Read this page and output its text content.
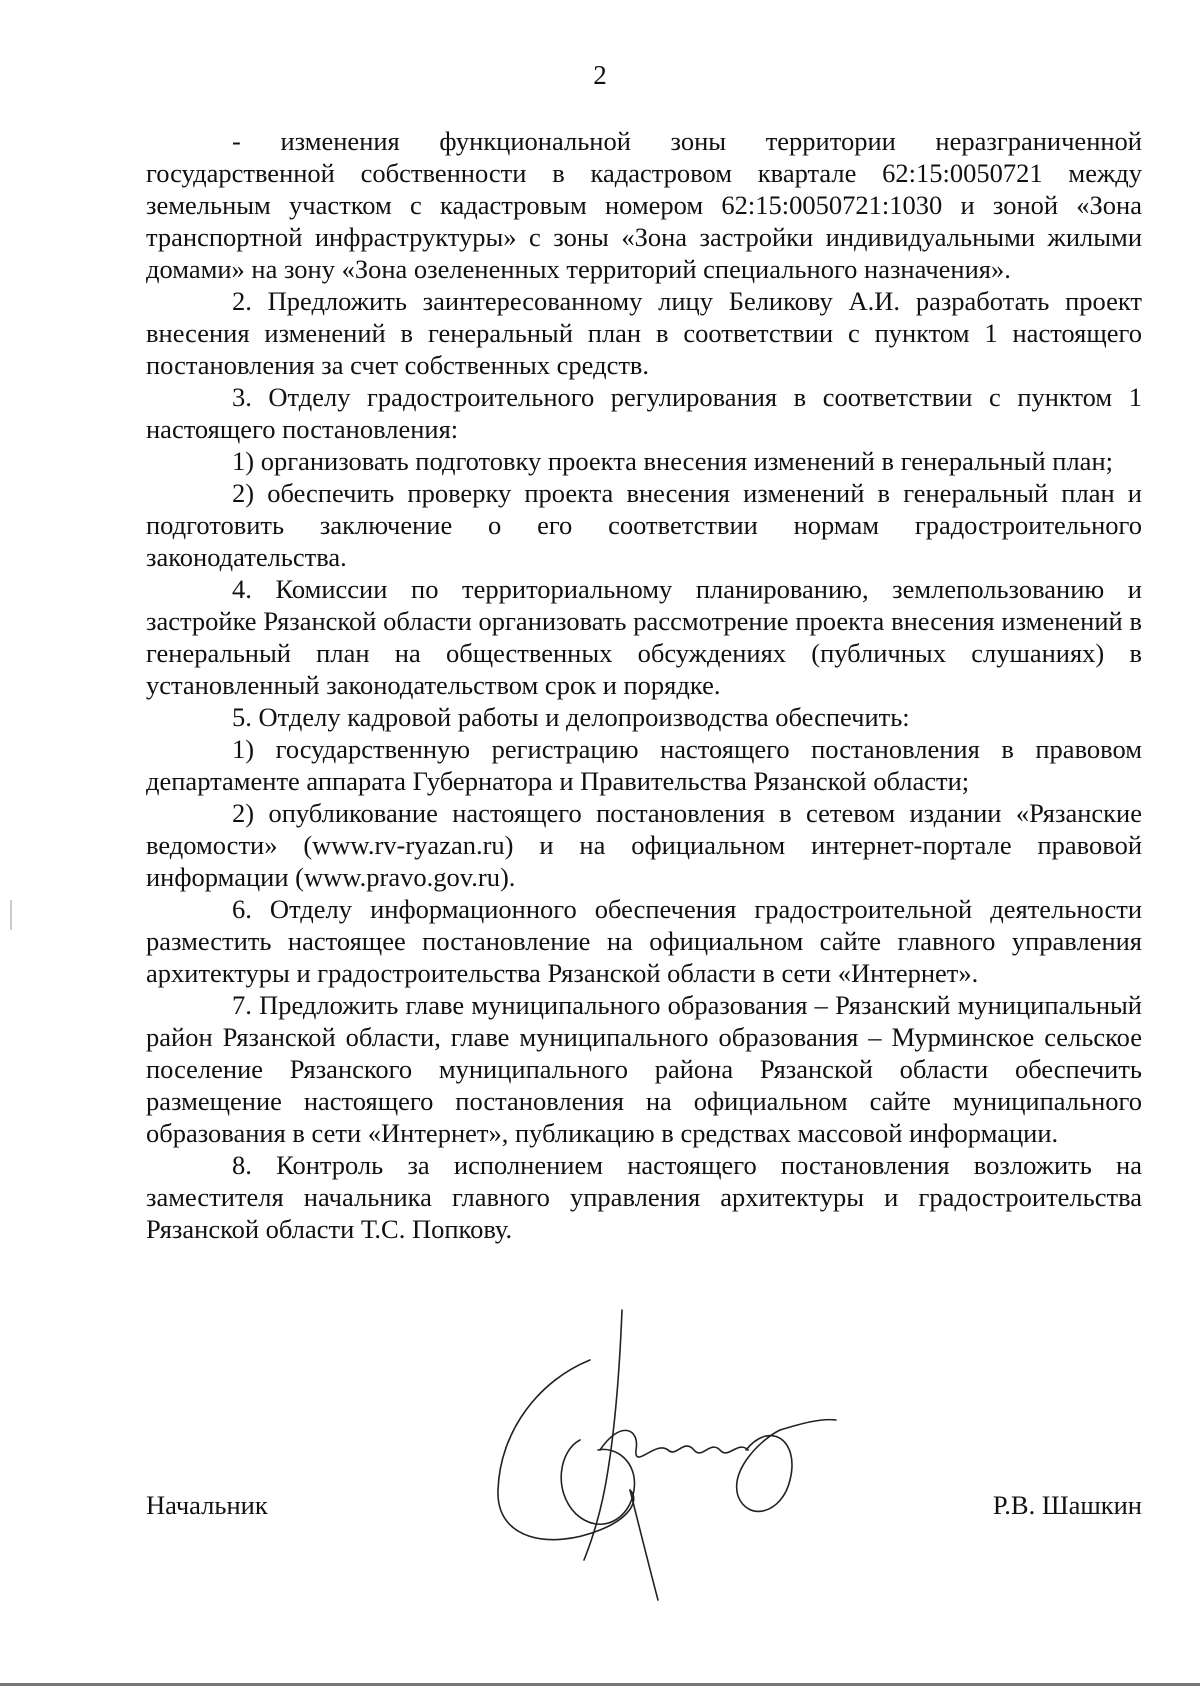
2

- изменения функциональной зоны территории неразграниченной государственной собственности в кадастровом квартале 62:15:0050721 между земельным участком с кадастровым номером 62:15:0050721:1030 и зоной «Зона транспортной инфраструктуры» с зоны «Зона застройки индивидуальными жилыми домами» на зону «Зона озелененных территорий специального назначения».

2. Предложить заинтересованному лицу Беликову А.И. разработать проект внесения изменений в генеральный план в соответствии с пунктом 1 настоящего постановления за счет собственных средств.

3. Отделу градостроительного регулирования в соответствии с пунктом 1 настоящего постановления:

1) организовать подготовку проекта внесения изменений в генеральный план;

2) обеспечить проверку проекта внесения изменений в генеральный план и подготовить заключение о его соответствии нормам градостроительного законодательства.

4. Комиссии по территориальному планированию, землепользованию и застройке Рязанской области организовать рассмотрение проекта внесения изменений в генеральный план на общественных обсуждениях (публичных слушаниях) в установленный законодательством срок и порядке.

5. Отделу кадровой работы и делопроизводства обеспечить:

1) государственную регистрацию настоящего постановления в правовом департаменте аппарата Губернатора и Правительства Рязанской области;

2) опубликование настоящего постановления в сетевом издании «Рязанские ведомости» (www.rv-ryazan.ru) и на официальном интернет-портале правовой информации (www.pravo.gov.ru).

6. Отделу информационного обеспечения градостроительной деятельности разместить настоящее постановление на официальном сайте главного управления архитектуры и градостроительства Рязанской области в сети «Интернет».

7. Предложить главе муниципального образования – Рязанский муниципальный район Рязанской области, главе муниципального образования – Мурминское сельское поселение Рязанского муниципального района Рязанской области обеспечить размещение настоящего постановления на официальном сайте муниципального образования в сети «Интернет», публикацию в средствах массовой информации.

8. Контроль за исполнением настоящего постановления возложить на заместителя начальника главного управления архитектуры и градостроительства Рязанской области Т.С. Попкову.

Начальник	Р.В. Шашкин
